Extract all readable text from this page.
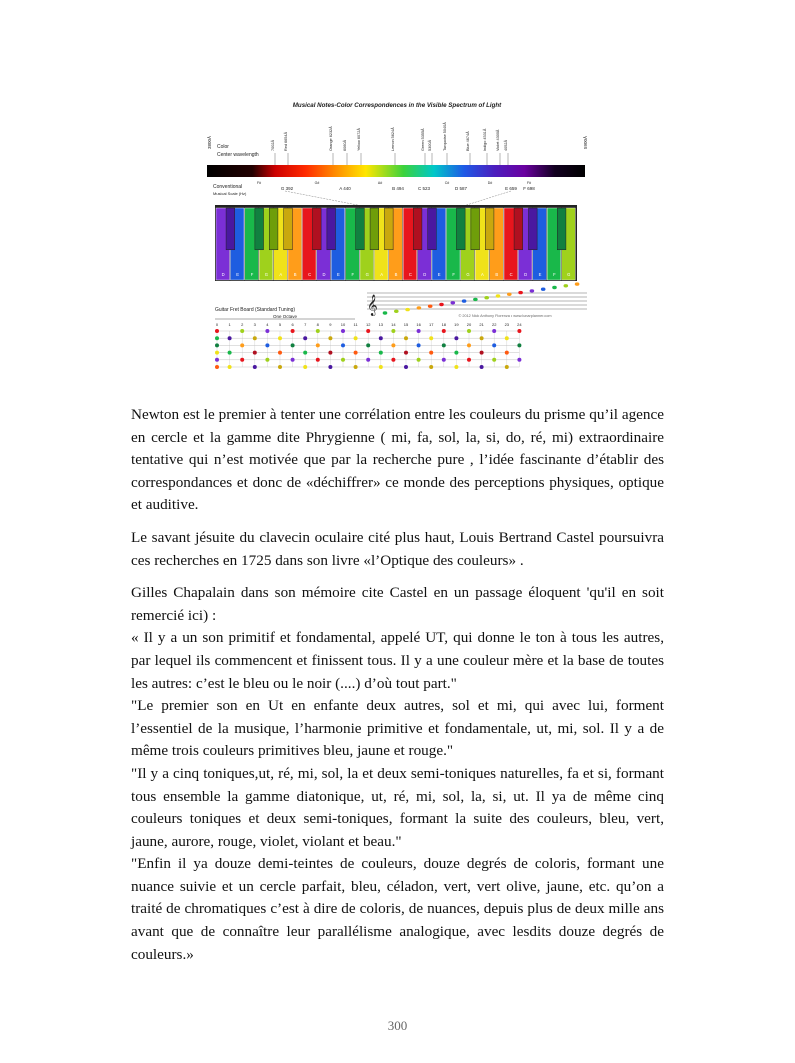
Musical Notes-Color Correspondences in the Visible Spectrum of Light
7002Å Red 6654Å	Orange 6232Å	6060Å	Yellow 6072Å	Lemon 5624Å	Green 5355Å 5300Å	Turquoise 5040Å	Blue 4674Å	Indigo 4531Å Violet 4300Å 4052Å
3800Å	5900Å
Color
Center wavelength
F#	G#	A#	C#	D#	F#
Conventional
Musical Scale (Hz)
G 392	A 440	B 494	C 523	D 587	E 659 F 698
D	E	F	G	A	B	C	D	E	F	G	A	B	C	D	E	F	G	A	B	C	D	E	F	G
Guitar Fret Board (Standard Tuning)
One Octave
𝄞
© 2012 Nick Anthony Fiorenza • www.lunarplanner.com
0	1	2	3	4	5	6	7	8	9 10 11 12 13 14 15 16 17 18 19 20 21 22 23 24

Newton est le premier à tenter une corrélation entre les couleurs du prisme qu’il agence en cercle et la gamme dite Phrygienne ( mi, fa, sol, la, si, do, ré, mi) extraordinaire tentative qui n’est motivée que par la recherche pure , l’idée fascinante d’établir des correspondances et donc de «déchiffrer» ce monde des perceptions physiques, optique et auditive.

Le savant jésuite du clavecin oculaire cité plus haut, Louis Bertrand Castel poursuivra ces recherches en 1725 dans son livre «l’Optique des couleurs» .

Gilles Chapalain dans son mémoire cite Castel en un passage éloquent 'qu'il en soit remercié ici) :

« Il y a un son primitif et fondamental, appelé UT, qui donne le ton à tous les autres, par lequel ils commencent et finissent tous. Il y a une couleur mère et la base de toutes les autres: c’est le bleu ou le noir (....) d’où tout part."

"Le premier son en Ut en enfante deux autres, sol et mi, qui avec lui, forment l’essentiel de la musique, l’harmonie primitive et fondamentale, ut, mi, sol. Il y a de même trois couleurs primitives bleu, jaune et rouge."

"Il y a cinq toniques,ut, ré, mi, sol, la et deux semi-toniques naturelles, fa et si, formant tous ensemble la gamme diatonique, ut, ré, mi, sol, la, si, ut. Il ya de même cinq couleurs toniques et deux semi-toniques, formant la suite des couleurs, bleu, vert, jaune, aurore, rouge, violet, violant et beau."

"Enfin il ya douze demi-teintes de couleurs, douze degrés de coloris, formant une nuance suivie et un cercle parfait, bleu, céladon, vert, vert olive, jaune, etc. qu’on a traité de chromatiques c’est à dire de coloris, de nuances, depuis plus de deux mille ans avant que de connaître leur parallélisme analogique, avec lesdits douze degrés de couleurs.»

300
